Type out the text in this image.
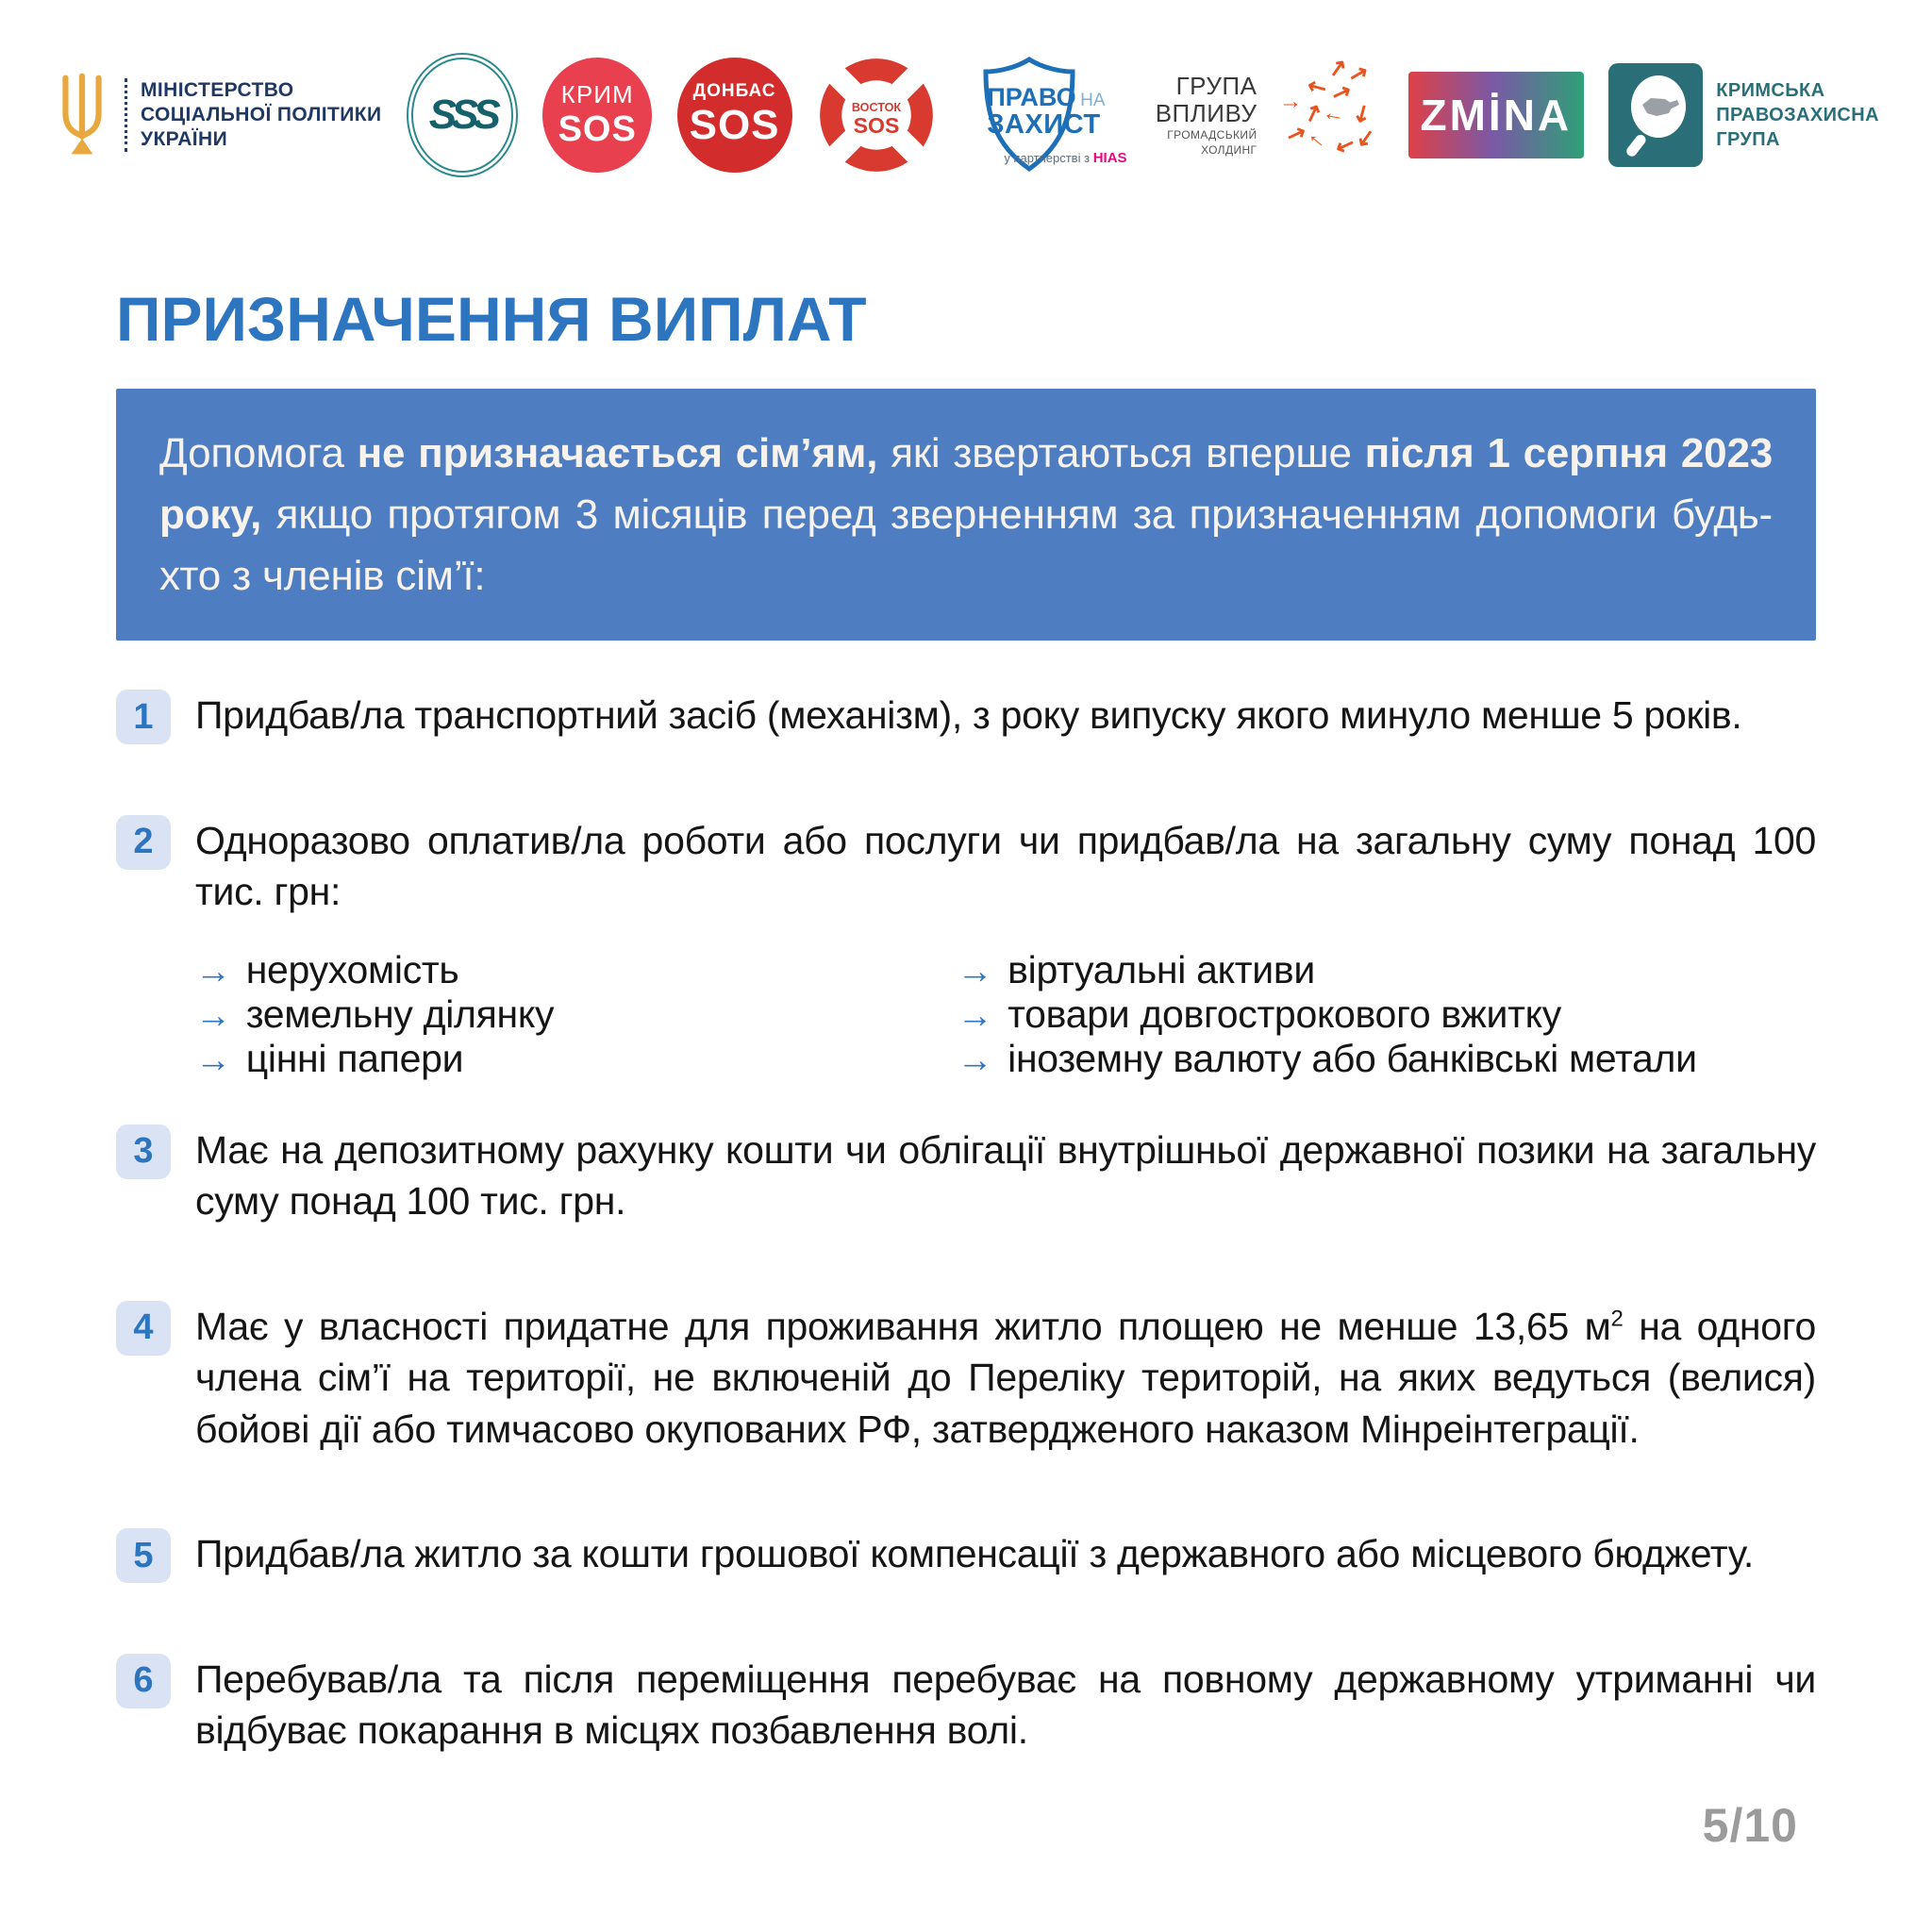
МІНІСТЕРСТВО
СОЦІАЛЬНОЇ ПОЛІТИКИ
УКРАЇНИ
SSS	КРИМ
SOS
ДОНБАС
SOS	ВОСТОК
SOS
ПРАВО НА
ЗАХИСТ
у партнерстві з HIAS
ГРУПА
ВПЛИВУ
ГРОМАДСЬКИЙ
ХОЛДИНГ
↗
↗
↖
↗
←
↙
↓
↘
↙
↓ ↘
↘ ZMİNA	КРИМСЬКА
ПРАВОЗАХИСНА
ГРУПА
ПРИЗНАЧЕННЯ ВИПЛАТ

Допомога не призначається сім’ям, які звертаються вперше після 1 серпня 2023 року, якщо протягом 3 місяців перед зверненням за призначенням допомоги будь-хто з членів сім’ї:

1	Придбав/ла транспортний засіб (механізм), з року випуску якого минуло менше 5 років.

2	Одноразово оплатив/ла роботи або послуги чи придбав/ла на загальну суму понад 100 тис. грн:

→ нерухомість
→ земельну ділянку
→ цінні папери
→ віртуальні активи
→ товари довгострокового вжитку
→ іноземну валюту або банківські метали
3	Має на депозитному рахунку кошти чи облігації внутрішньої державної позики на загальну суму понад 100 тис. грн.

4	Має у власності придатне для проживання житло площею не менше 13,65 $м^2$ на одного члена сім’ї на території, не включеній до Переліку територій, на яких ведуться (велися) бойові дії або тимчасово окупованих РФ, затвердженого наказом Мінреінтеграції.

5	Придбав/ла житло за кошти грошової компенсації з державного або місцевого бюджету.

6	Перебував/ла та після переміщення перебуває на повному державному утриманні чи відбуває покарання в місцях позбавлення волі.

5/10
